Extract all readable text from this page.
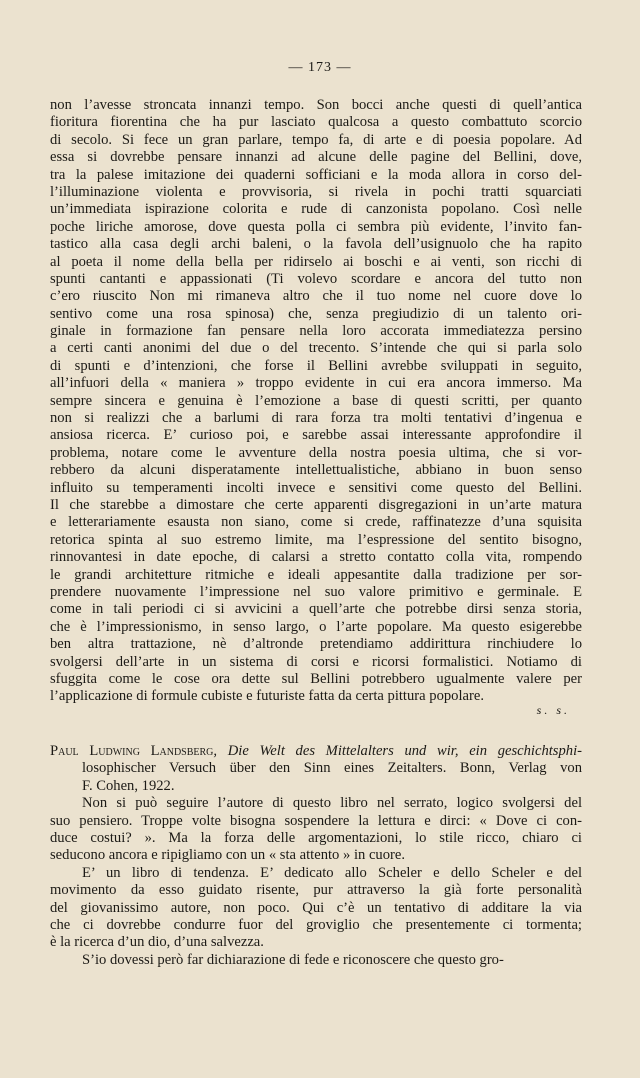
— 173 —
non l’avesse stroncata innanzi tempo. Son bocci anche questi di quell’antica
fioritura fiorentina che ha pur lasciato qualcosa a questo combattuto scorcio
di secolo. Si fece un gran parlare, tempo fa, di arte e di poesia popolare. Ad
essa si dovrebbe pensare innanzi ad alcune delle pagine del Bellini, dove,
tra la palese imitazione dei quaderni sofficiani e la moda allora in corso del-
l’illuminazione violenta e provvisoria, si rivela in pochi tratti squarciati
un’immediata ispirazione colorita e rude di canzonista popolano. Così nelle
poche liriche amorose, dove questa polla ci sembra più evidente, l’invito fan-
tastico alla casa degli archi baleni, o la favola dell’usignuolo che ha rapito
al poeta il nome della bella per ridirselo ai boschi e ai venti, son ricchi di
spunti cantanti e appassionati (Ti volevo scordare e ancora del tutto non
c’ero riuscito Non mi rimaneva altro che il tuo nome nel cuore dove lo
sentivo come una rosa spinosa) che, senza pregiudizio di un talento ori-
ginale in formazione fan pensare nella loro accorata immediatezza persino
a certi canti anonimi del due o del trecento. S’intende che qui si parla solo
di spunti e d’intenzioni, che forse il Bellini avrebbe sviluppati in seguito,
all’infuori della « maniera » troppo evidente in cui era ancora immerso. Ma
sempre sincera e genuina è l’emozione a base di questi scritti, per quanto
non si realizzi che a barlumi di rara forza tra molti tentativi d’ingenua e
ansiosa ricerca. E’ curioso poi, e sarebbe assai interessante approfondire il
problema, notare come le avventure della nostra poesia ultima, che si vor-
rebbero da alcuni disperatamente intellettualistiche, abbiano in buon senso
influito su temperamenti incolti invece e sensitivi come questo del Bellini.
Il che starebbe a dimostare che certe apparenti disgregazioni in un’arte matura
e letterariamente esausta non siano, come si crede, raffinatezze d’una squisita
retorica spinta al suo estremo limite, ma l’espressione del sentito bisogno,
rinnovantesi in date epoche, di calarsi a stretto contatto colla vita, rompendo
le grandi architetture ritmiche e ideali appesantite dalla tradizione per sor-
prendere nuovamente l’impressione nel suo valore primitivo e germinale. E
come in tali periodi ci si avvicini a quell’arte che potrebbe dirsi senza storia,
che è l’impressionismo, in senso largo, o l’arte popolare. Ma questo esigerebbe
ben altra trattazione, nè d’altronde pretendiamo addirittura rinchiudere lo
svolgersi dell’arte in un sistema di corsi e ricorsi formalistici. Notiamo di
sfuggita come le cose ora dette sul Bellini potrebbero ugualmente valere per
l’applicazione di formule cubiste e futuriste fatta da certa pittura popolare.
s. s.
Paul Ludwing Landsberg, Die Welt des Mittelalters und wir, ein geschichtsphi-
losophischer Versuch über den Sinn eines Zeitalters. Bonn, Verlag von
F. Cohen, 1922.
Non si può seguire l’autore di questo libro nel serrato, logico svolgersi del
suo pensiero. Troppe volte bisogna sospendere la lettura e dirci: « Dove ci con-
duce costui? ». Ma la forza delle argomentazioni, lo stile ricco, chiaro ci
seducono ancora e ripigliamo con un « sta attento » in cuore.
E’ un libro di tendenza. E’ dedicato allo Scheler e dello Scheler e del
movimento da esso guidato risente, pur attraverso la già forte personalità
del giovanissimo autore, non poco. Qui c’è un tentativo di additare la via
che ci dovrebbe condurre fuor del groviglio che presentemente ci tormenta;
è la ricerca d’un dio, d’una salvezza.
S’io dovessi però far dichiarazione di fede e riconoscere che questo gro-
